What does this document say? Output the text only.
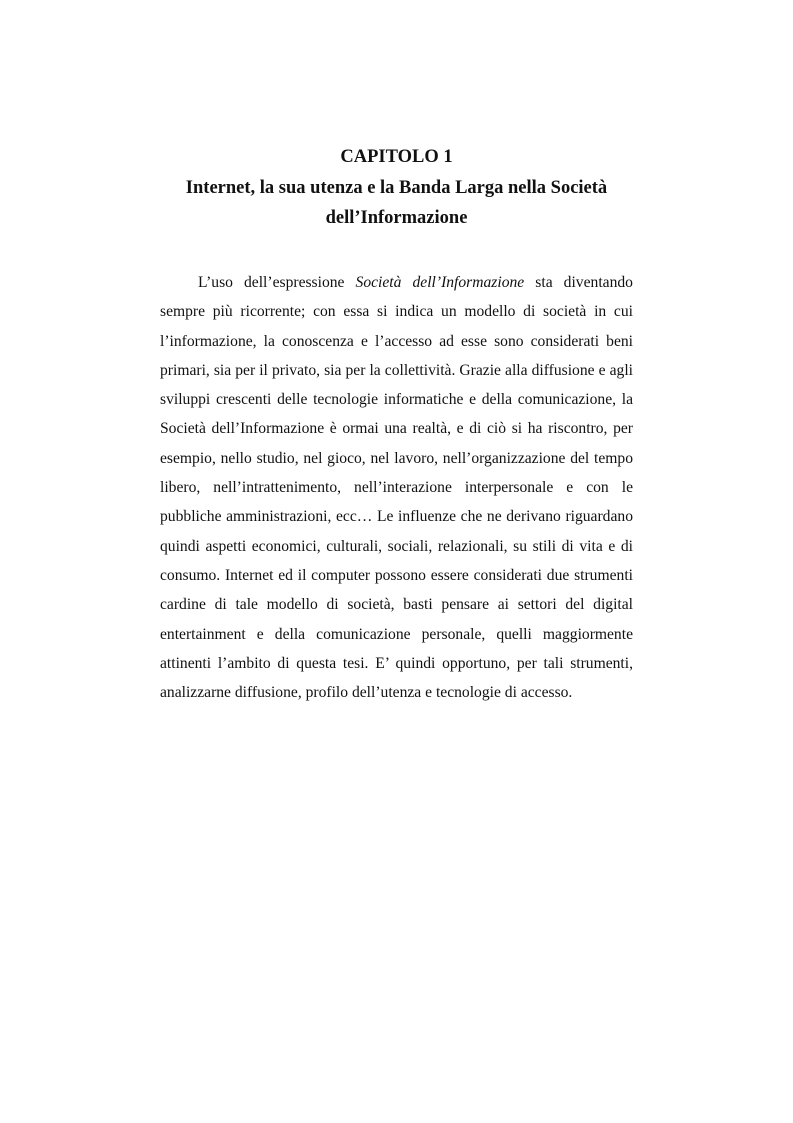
CAPITOLO 1
Internet, la sua utenza e la Banda Larga nella Società dell’Informazione

L’uso dell’espressione Società dell’Informazione sta diventando sempre più ricorrente; con essa si indica un modello di società in cui l’informazione, la conoscenza e l’accesso ad esse sono considerati beni primari, sia per il privato, sia per la collettività. Grazie alla diffusione e agli sviluppi crescenti delle tecnologie informatiche e della comunicazione, la Società dell’Informazione è ormai una realtà, e di ciò si ha riscontro, per esempio, nello studio, nel gioco, nel lavoro, nell’organizzazione del tempo libero, nell’intrattenimento, nell’interazione interpersonale e con le pubbliche amministrazioni, ecc… Le influenze che ne derivano riguardano quindi aspetti economici, culturali, sociali, relazionali, su stili di vita e di consumo. Internet ed il computer possono essere considerati due strumenti cardine di tale modello di società, basti pensare ai settori del digital entertainment e della comunicazione personale, quelli maggiormente attinenti l’ambito di questa tesi. E’ quindi opportuno, per tali strumenti, analizzarne diffusione, profilo dell’utenza e tecnologie di accesso.
